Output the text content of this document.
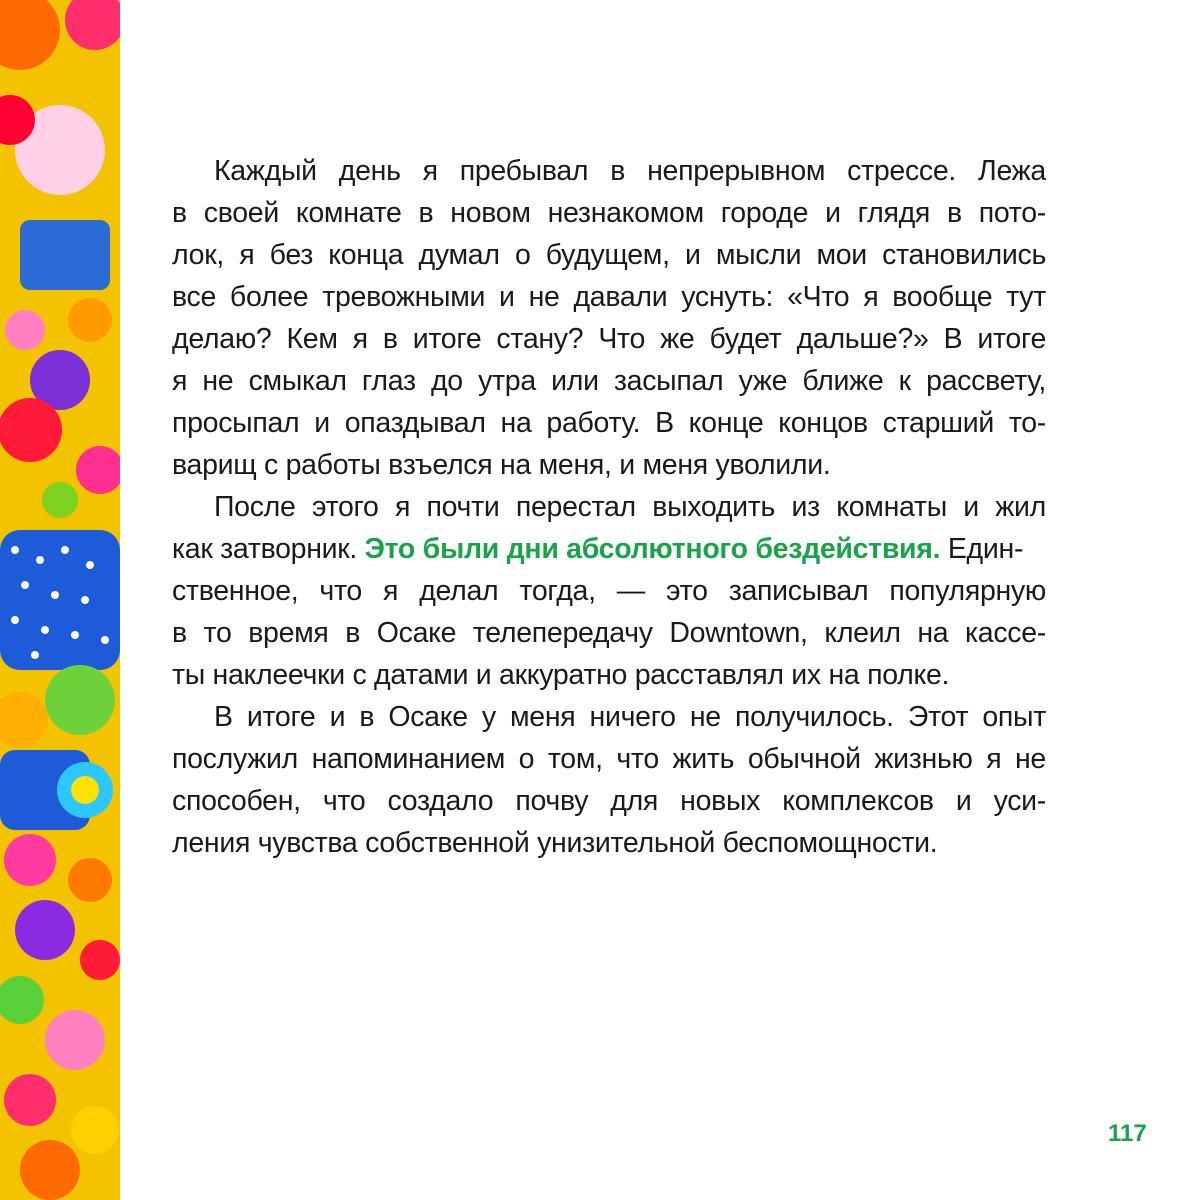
Каждый день я пребывал в непрерывном стрессе. Лежа
в своей комнате в новом незнакомом городе и глядя в пото-
лок, я без конца думал о будущем, и мысли мои становились
все более тревожными и не давали уснуть: «Что я вообще тут
делаю? Кем я в итоге стану? Что же будет дальше?» В итоге
я не смыкал глаз до утра или засыпал уже ближе к рассвету,
просыпал и опаздывал на работу. В конце концов старший то-
варищ с работы взъелся на меня, и меня уволили.

После этого я почти перестал выходить из комнаты и жил
как затворник. Это были дни абсолютного бездействия. Един-
ственное, что я делал тогда, — это записывал популярную
в то время в Осаке телепередачу Downtown, клеил на кассе-
ты наклеечки с датами и аккуратно расставлял их на полке.

В итоге и в Осаке у меня ничего не получилось. Этот опыт
послужил напоминанием о том, что жить обычной жизнью я не
способен, что создало почву для новых комплексов и уси-
ления чувства собственной унизительной беспомощности.

117
